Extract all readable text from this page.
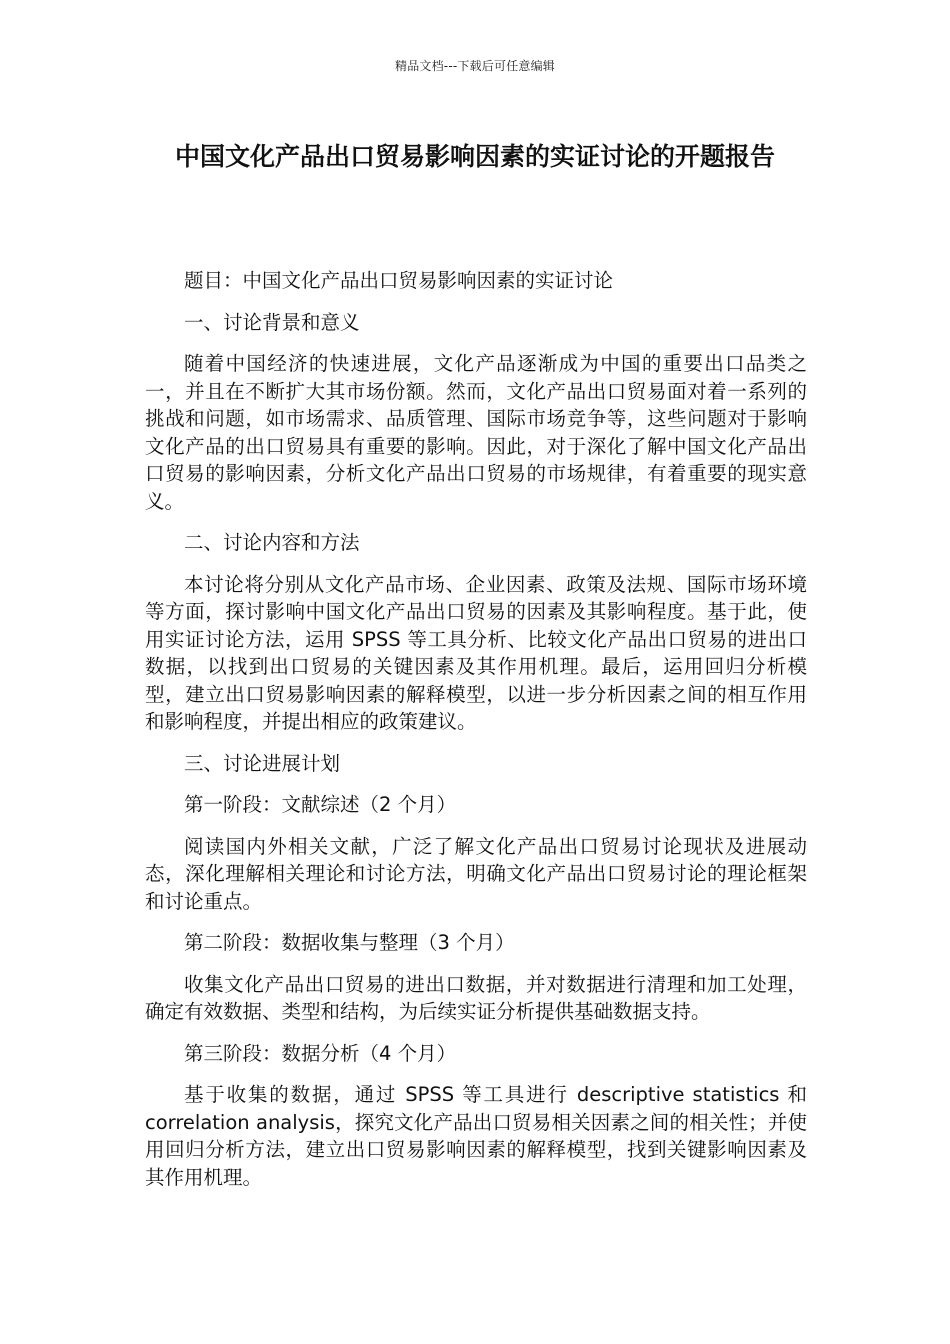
精品文档---下载后可任意编辑
中国文化产品出口贸易影响因素的实证讨论的开题报告

题目：中国文化产品出口贸易影响因素的实证讨论

一、讨论背景和意义

随着中国经济的快速进展，文化产品逐渐成为中国的重要出口品类之一，并且在不断扩大其市场份额。然而，文化产品出口贸易面对着一系列的挑战和问题，如市场需求、品质管理、国际市场竞争等，这些问题对于影响文化产品的出口贸易具有重要的影响。因此，对于深化了解中国文化产品出口贸易的影响因素，分析文化产品出口贸易的市场规律，有着重要的现实意义。

二、讨论内容和方法

本讨论将分别从文化产品市场、企业因素、政策及法规、国际市场环境等方面，探讨影响中国文化产品出口贸易的因素及其影响程度。基于此，使用实证讨论方法，运用 SPSS 等工具分析、比较文化产品出口贸易的进出口数据，以找到出口贸易的关键因素及其作用机理。最后，运用回归分析模型，建立出口贸易影响因素的解释模型，以进一步分析因素之间的相互作用和影响程度，并提出相应的政策建议。

三、讨论进展计划

第一阶段：文献综述（2 个月）

阅读国内外相关文献，广泛了解文化产品出口贸易讨论现状及进展动态，深化理解相关理论和讨论方法，明确文化产品出口贸易讨论的理论框架和讨论重点。

第二阶段：数据收集与整理（3 个月）

收集文化产品出口贸易的进出口数据，并对数据进行清理和加工处理，确定有效数据、类型和结构，为后续实证分析提供基础数据支持。

第三阶段：数据分析（4 个月）

基于收集的数据，通过 SPSS 等工具进行 descriptive statistics 和 correlation analysis，探究文化产品出口贸易相关因素之间的相关性；并使用回归分析方法，建立出口贸易影响因素的解释模型，找到关键影响因素及其作用机理。
